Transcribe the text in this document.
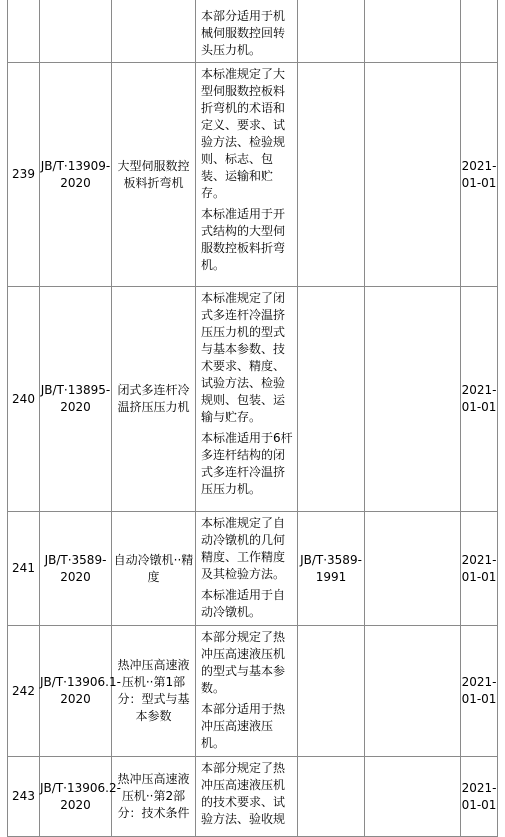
			本部分适用于机械伺服数控回转头压力机。			

239	JB/T·13909-2020	大型伺服数控板料折弯机	本标准规定了大型伺服数控板料折弯机的术语和定义、要求、试验方法、检验规则、标志、包装、运输和贮存。
本标准适用于开式结构的大型伺服数控板料折弯机。			2021-01-01

240	JB/T·13895-2020	闭式多连杆冷温挤压压力机	本标准规定了闭式多连杆冷温挤压压力机的型式与基本参数、技术要求、精度、试验方法、检验规则、包装、运输与贮存。
本标准适用于6杆多连杆结构的闭式多连杆冷温挤压压力机。			2021-01-01

241	JB/T·3589-2020	自动冷镦机··精度	本标准规定了自动冷镦机的几何精度、工作精度及其检验方法。
本标准适用于自动冷镦机。	JB/T·3589-1991		2021-01-01

242	JB/T·13906.1-2020	热冲压高速液压机··第1部分：型式与基本参数	本部分规定了热冲压高速液压机的型式与基本参数。
本部分适用于热冲压高速液压机。			2021-01-01

243	JB/T·13906.2-2020	热冲压高速液压机··第2部分：技术条件	本部分规定了热冲压高速液压机的技术要求、试验方法、验收规			2021-01-01
